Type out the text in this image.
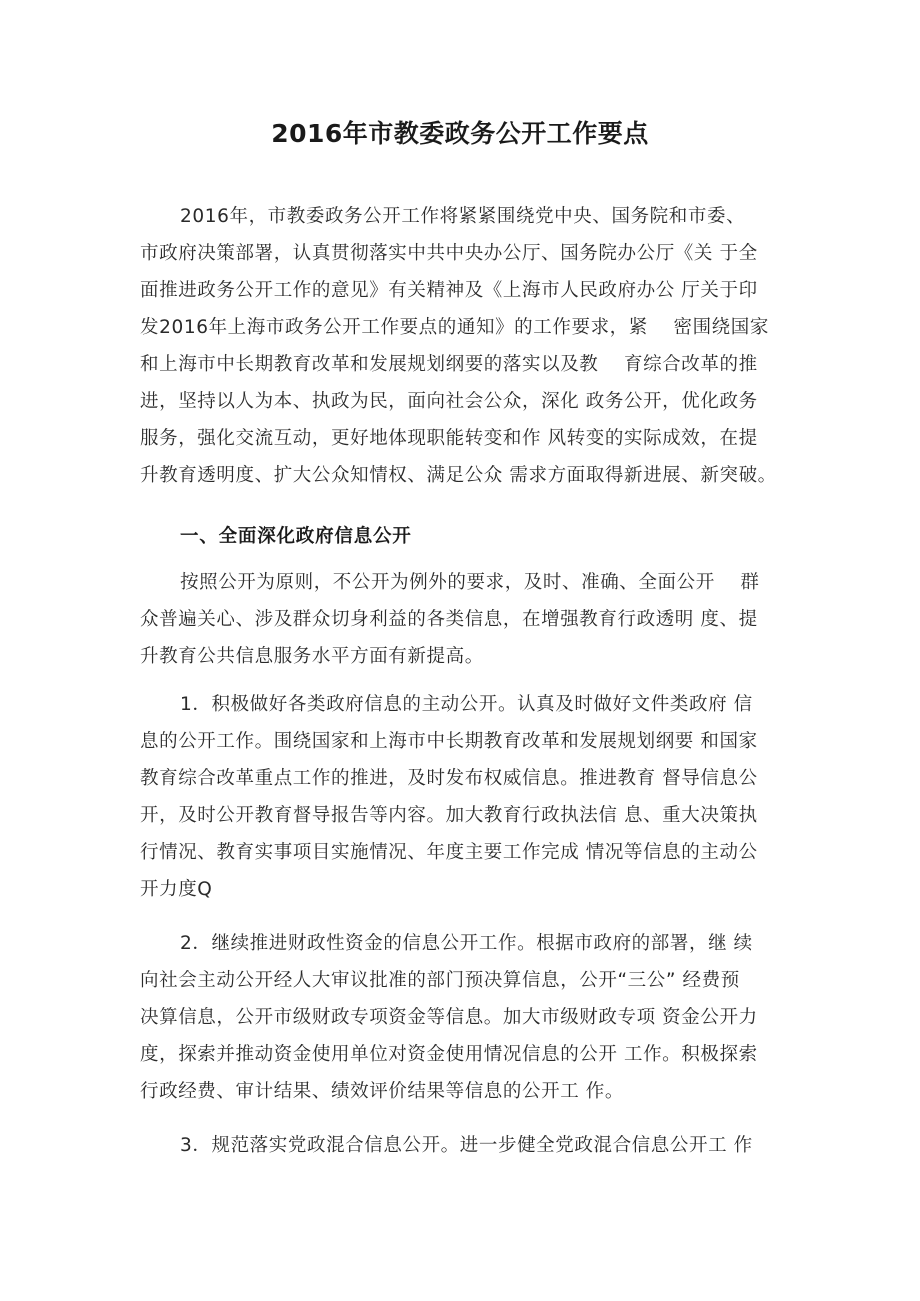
2016年市教委政务公开工作要点
2016年，市教委政务公开工作将紧紧围绕党中央、国务院和市委、
市政府决策部署，认真贯彻落实中共中央办公厅、国务院办公厅《关 于全
面推进政务公开工作的意见》有关精神及《上海市人民政府办公 厅关于印
发2016年上海市政务公开工作要点的通知》的工作要求，紧　 密围绕国家
和上海市中长期教育改革和发展规划纲要的落实以及教　 育综合改革的推
进，坚持以人为本、执政为民，面向社会公众，深化 政务公开，优化政务
服务，强化交流互动，更好地体现职能转变和作 风转变的实际成效，在提
升教育透明度、扩大公众知情权、满足公众 需求方面取得新进展、新突破。
一、全面深化政府信息公开
按照公开为原则，不公开为例外的要求，及时、准确、全面公开　 群
众普遍关心、涉及群众切身利益的各类信息，在增强教育行政透明 度、提
升教育公共信息服务水平方面有新提高。
1．积极做好各类政府信息的主动公开。认真及时做好文件类政府 信
息的公开工作。围绕国家和上海市中长期教育改革和发展规划纲要 和国家
教育综合改革重点工作的推进，及时发布权威信息。推进教育 督导信息公
开，及时公开教育督导报告等内容。加大教育行政执法信 息、重大决策执
行情况、教育实事项目实施情况、年度主要工作完成 情况等信息的主动公
开力度Q
2．继续推进财政性资金的信息公开工作。根据市政府的部署，继 续
向社会主动公开经人大审议批准的部门预决算信息，公开“三公” 经费预
决算信息，公开市级财政专项资金等信息。加大市级财政专项 资金公开力
度，探索并推动资金使用单位对资金使用情况信息的公开 工作。积极探索
行政经费、审计结果、绩效评价结果等信息的公开工 作。
3．规范落实党政混合信息公开。进一步健全党政混合信息公开工 作
